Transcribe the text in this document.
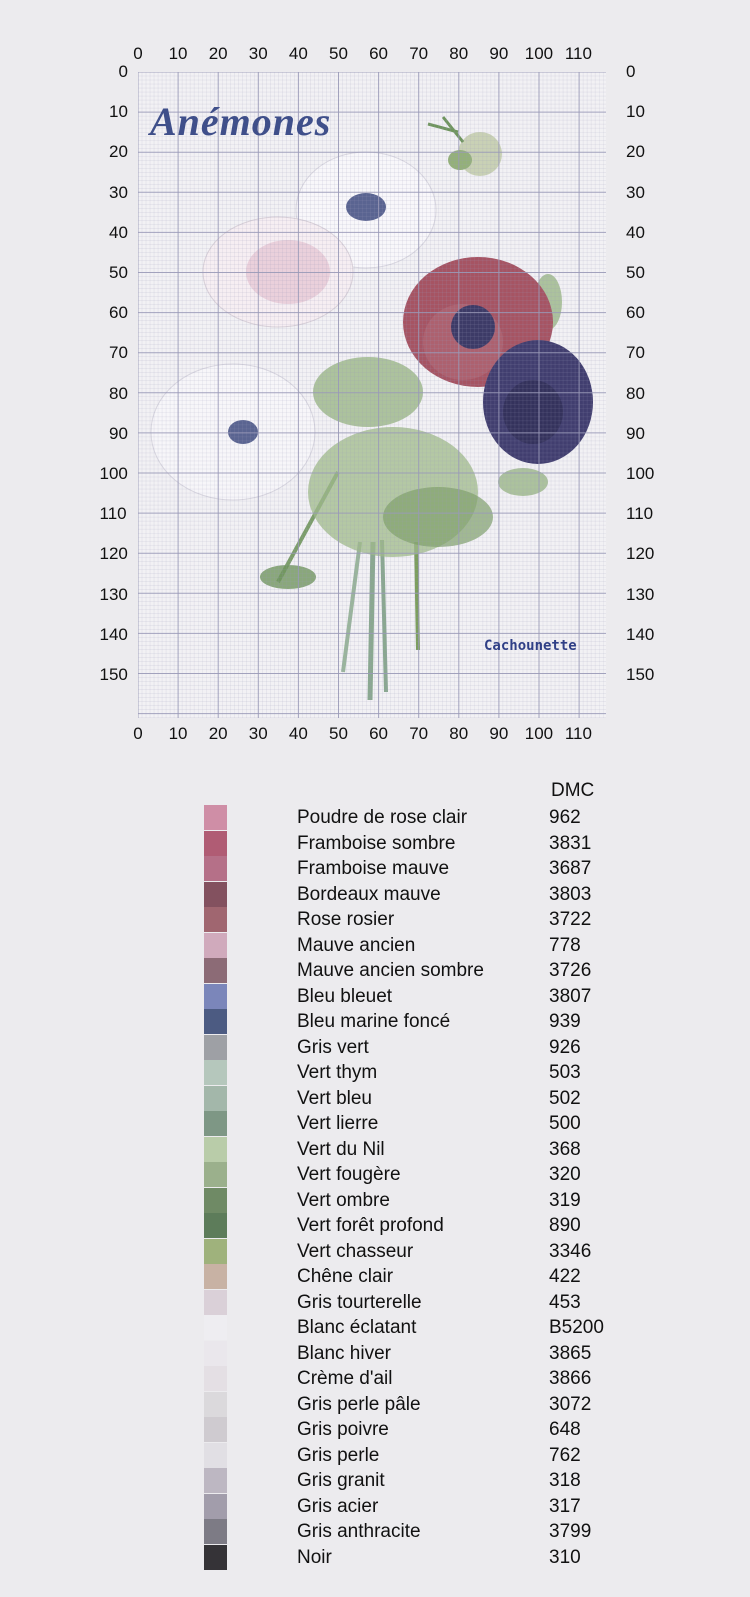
0 10 20 30 40 50 60 70 80 90 100 110
0 10 20 30 40 50 60 70 80 90 100 110
0
10
20
30
40
50
60
70
80
90
100
110
120
130
140
150
0
10
20
30
40
50
60
70
80
90
100
110
120
130
140
150
Anémones
Cachounette
DMC
Poudre de rose clair	962
Framboise sombre	3831
Framboise mauve	3687
Bordeaux mauve	3803
Rose rosier	3722
Mauve ancien	778
Mauve ancien sombre	3726
Bleu bleuet	3807
Bleu marine foncé	939
Gris vert	926
Vert thym	503
Vert bleu	502
Vert lierre	500
Vert du Nil	368
Vert fougère	320
Vert ombre	319
Vert forêt profond	890
Vert chasseur	3346
Chêne clair	422
Gris tourterelle	453
Blanc éclatant	B5200
Blanc hiver	3865
Crème d'ail	3866
Gris perle pâle	3072
Gris poivre	648
Gris perle	762
Gris granit	318
Gris acier	317
Gris anthracite	3799
Noir	310
